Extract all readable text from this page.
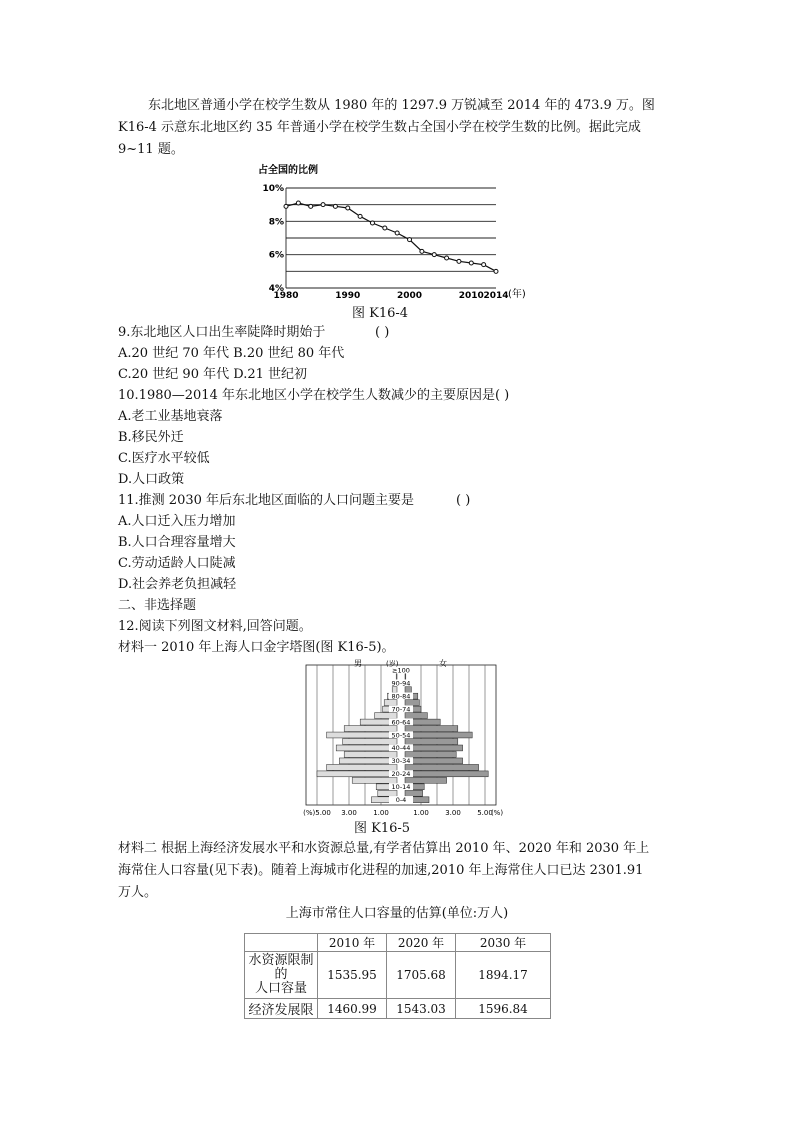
东北地区普通小学在校学生数从 1980 年的 1297.9 万锐减至 2014 年的 473.9 万。图
K16-4 示意东北地区约 35 年普通小学在校学生数占全国小学在校学生数的比例。据此完成
9~11 题。
占全国的比例
4%
6%
8%
10%
1980	1990	2000	2010 2014 (年)
图 K16-4
9.东北地区人口出生率陡降时期始于	( )
A.20 世纪 70 年代 B.20 世纪 80 年代
C.20 世纪 90 年代 D.21 世纪初
10.1980—2014 年东北地区小学在校学生人数减少的主要原因是( )
A.老工业基地衰落
B.移民外迁
C.医疗水平较低
D.人口政策
11.推测 2030 年后东北地区面临的人口问题主要是	( )
A.人口迁入压力增加
B.人口合理容量增大
C.劳动适龄人口陡减
D.社会养老负担减轻
二、非选择题
12.阅读下列图文材料,回答问题。
材料一 2010 年上海人口金字塔图(图 K16-5)。
≥100
90-94
80-84
70-74
60-64
50-54
40-44
30-34
20-24
10-14
0-4
男	(岁)	女
(%)5.00 3.00 1.00	1.00 3.00 5.00
(%)
图 K16-5
材料二 根据上海经济发展水平和水资源总量,有学者估算出 2010 年、2020 年和 2030 年上
海常住人口容量(见下表)。随着上海城市化进程的加速,2010 年上海常住人口已达 2301.91
万人。
上海市常住人口容量的估算(单位:万人)
	2010 年	2020 年	2030 年

水资源限制
的
人口容量	1535.95	1705.68	1894.17
经济发展限	1460.99	1543.03	1596.84
